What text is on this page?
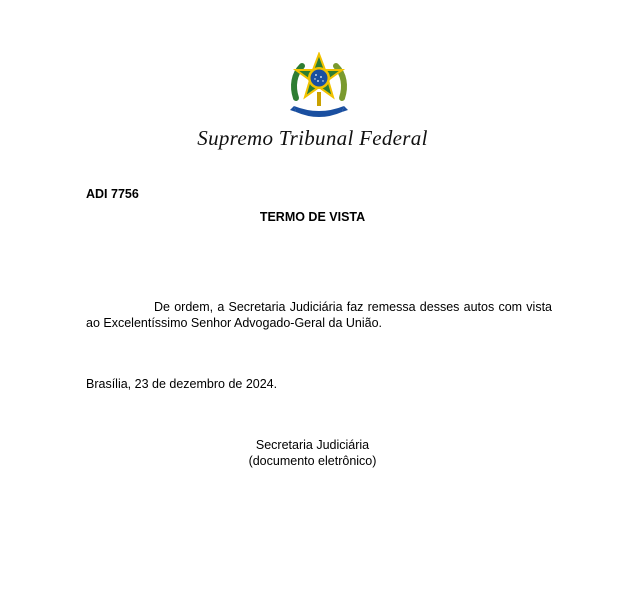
Supremo Tribunal Federal
ADI 7756
TERMO DE VISTA
De ordem, a Secretaria Judiciária faz remessa desses autos com vista ao Excelentíssimo Senhor Advogado-Geral da União.
Brasília, 23 de dezembro de 2024.
Secretaria Judiciária
(documento eletrônico)
